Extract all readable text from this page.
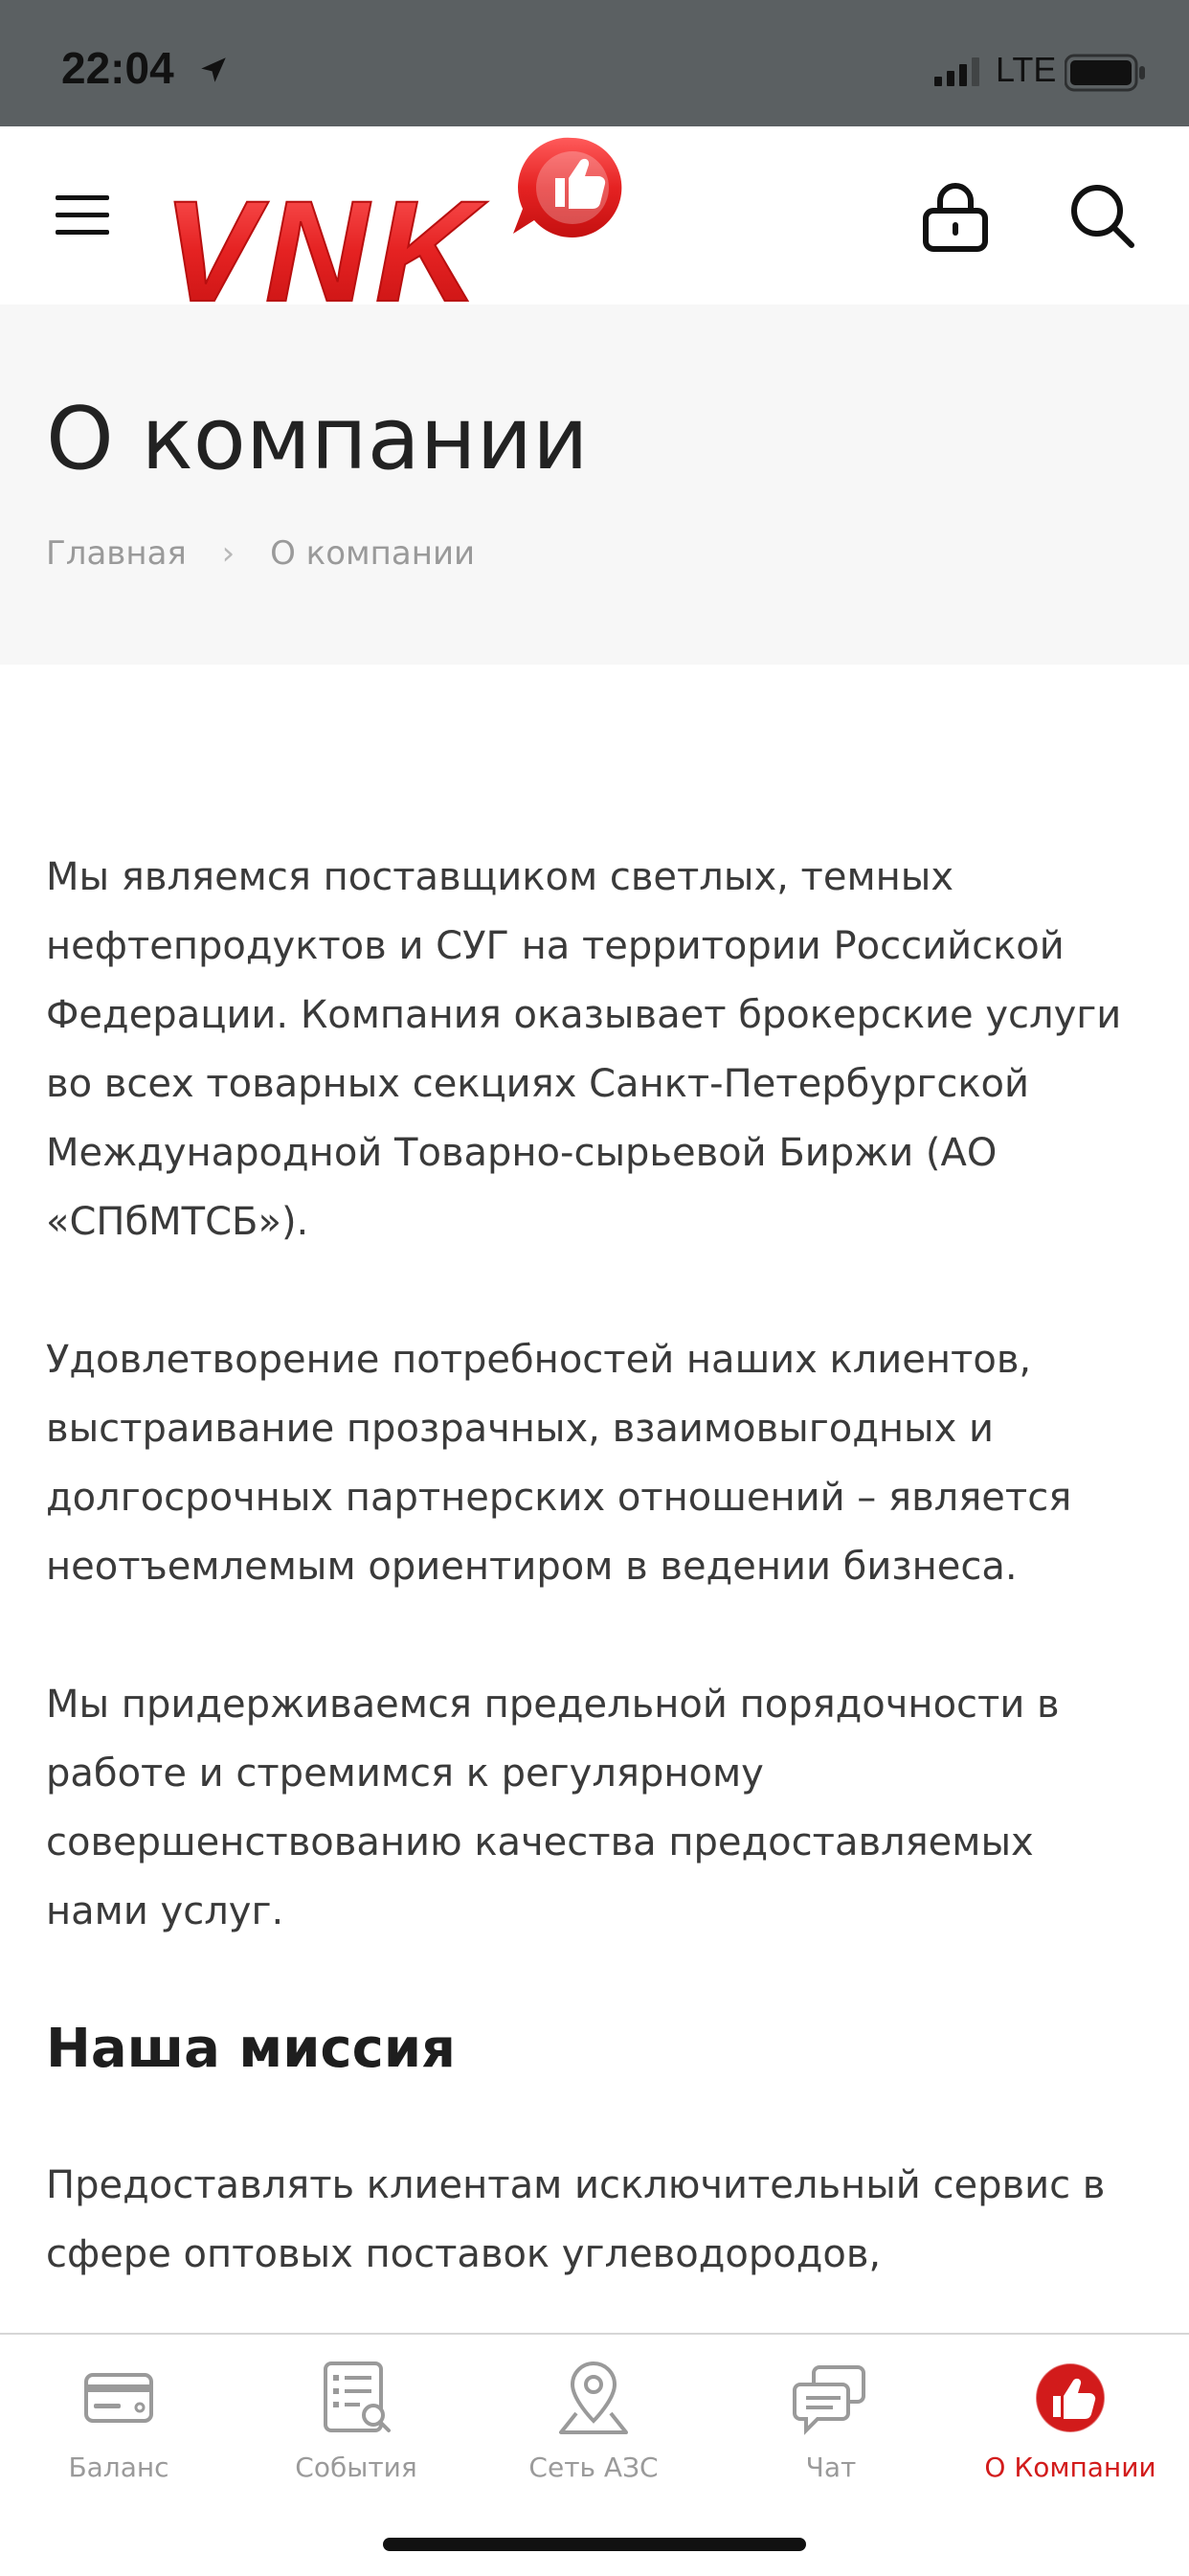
22:04	LTE
VNK
О компании
Главная › О компании

Мы являемся поставщиком светлых, темных нефтепродуктов и СУГ на территории Российской Федерации. Компания оказывает брокерские услуги во всех товарных секциях Санкт-Петербургской Международной Товарно-сырьевой Биржи (АО «СПбМТСБ»).

Удовлетворение потребностей наших клиентов, выстраивание прозрачных, взаимовыгодных и долгосрочных партнерских отношений – является неотъемлемым ориентиром в ведении бизнеса.

Мы придерживаемся предельной порядочности в работе и стремимся к регулярному совершенствованию качества предоставляемых нами услуг.

Наша миссия

Предоставлять клиентам исключительный сервис в сфере оптовых поставок углеводородов,

Баланс	События	Сеть АЗС	Чат	О Компании
